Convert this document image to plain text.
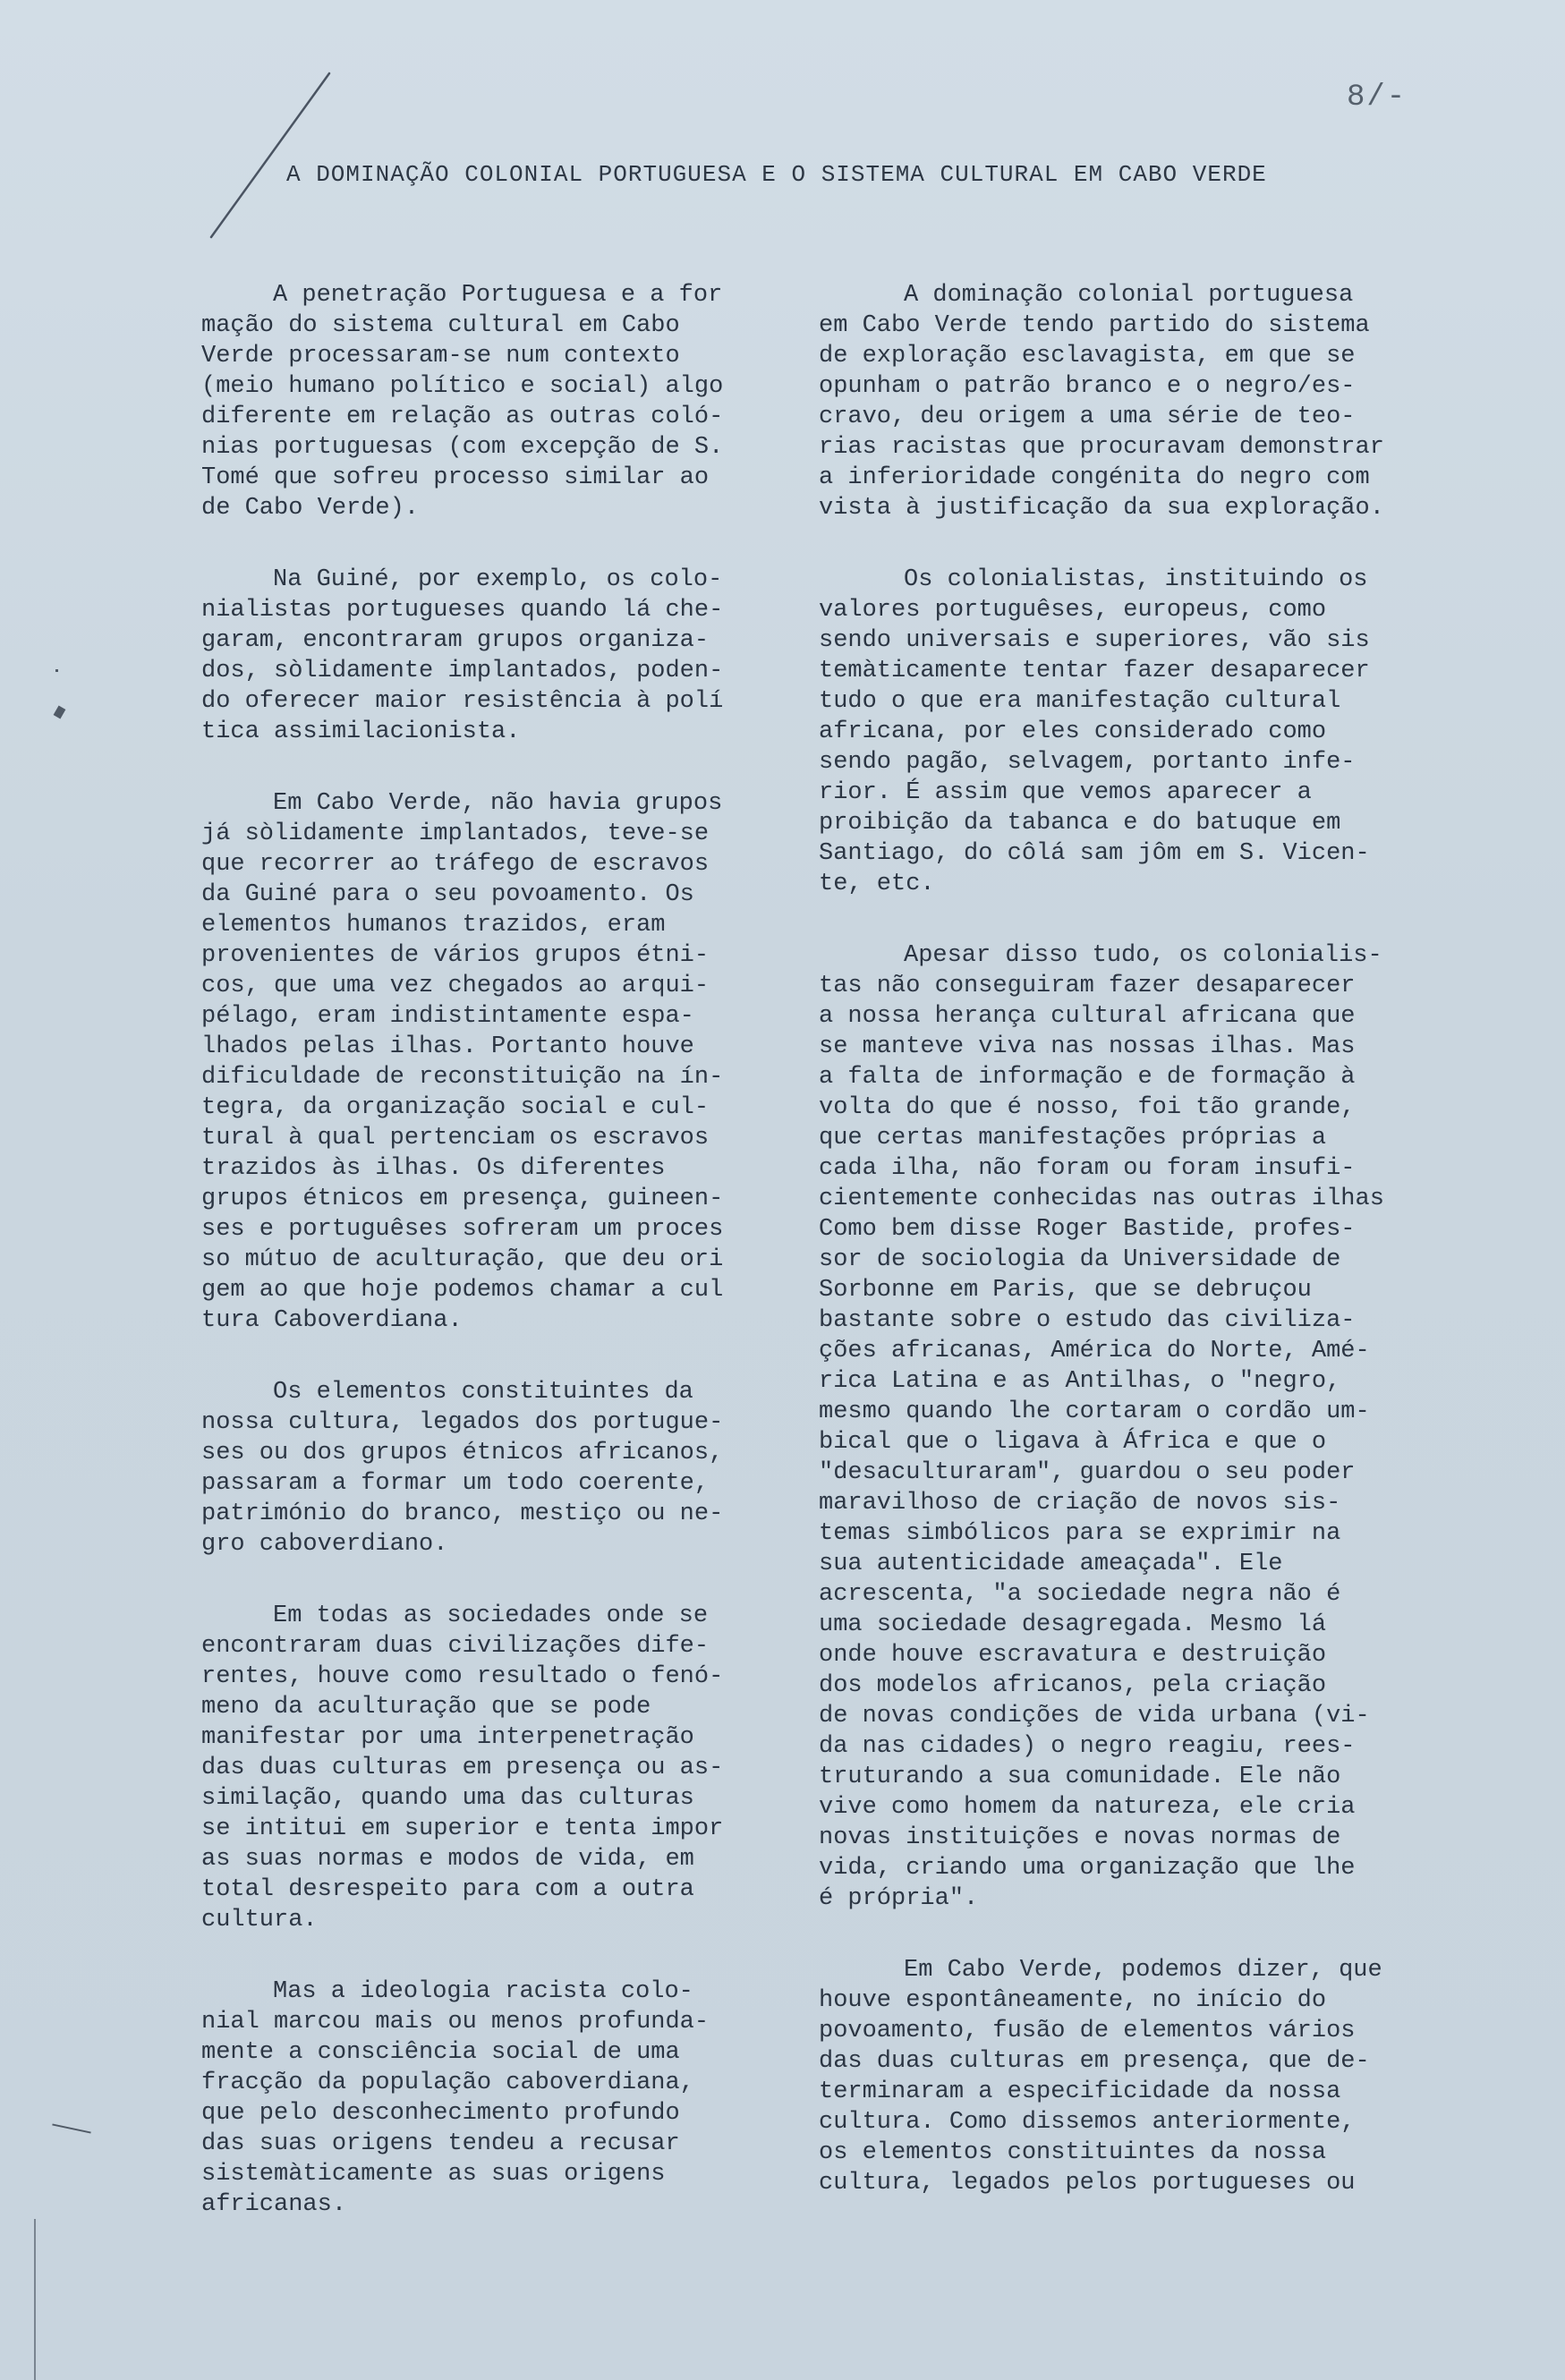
8/-
A DOMINAÇÃO COLONIAL PORTUGUESA E O SISTEMA CULTURAL EM CABO VERDE
A penetração Portuguesa e a for
mação do sistema cultural em Cabo
Verde processaram-se num contexto
(meio humano político e social) algo
diferente em relação as outras coló-
nias portuguesas (com excepção de S.
Tomé que sofreu processo similar ao
de Cabo Verde).
Na Guiné, por exemplo, os colo-
nialistas portugueses quando lá che-
garam, encontraram grupos organiza-
dos, sòlidamente implantados, poden-
do oferecer maior resistência à polí
tica assimilacionista.
Em Cabo Verde, não havia grupos
já sòlidamente implantados, teve-se
que recorrer ao tráfego de escravos
da Guiné para o seu povoamento. Os
elementos humanos trazidos, eram
provenientes de vários grupos étni-
cos, que uma vez chegados ao arqui-
pélago, eram indistintamente espa-
lhados pelas ilhas. Portanto houve
dificuldade de reconstituição na ín-
tegra, da organização social e cul-
tural à qual pertenciam os escravos
trazidos às ilhas. Os diferentes
grupos étnicos em presença, guineen-
ses e portuguêses sofreram um proces
so mútuo de aculturação, que deu ori
gem ao que hoje podemos chamar a cul
tura Caboverdiana.
Os elementos constituintes da
nossa cultura, legados dos portugue-
ses ou dos grupos étnicos africanos,
passaram a formar um todo coerente,
património do branco, mestiço ou ne-
gro caboverdiano.
Em todas as sociedades onde se
encontraram duas civilizações dife-
rentes, houve como resultado o fenó-
meno da aculturação que se pode
manifestar por uma interpenetração
das duas culturas em presença ou as-
similação, quando uma das culturas
se intitui em superior e tenta impor
as suas normas e modos de vida, em
total desrespeito para com a outra
cultura.
Mas a ideologia racista colo-
nial marcou mais ou menos profunda-
mente a consciência social de uma
fracção da população caboverdiana,
que pelo desconhecimento profundo
das suas origens tendeu a recusar
sistemàticamente as suas origens
africanas.
A dominação colonial portuguesa
em Cabo Verde tendo partido do sistema
de exploração esclavagista, em que se
opunham o patrão branco e o negro/es-
cravo, deu origem a uma série de teo-
rias racistas que procuravam demonstrar
a inferioridade congénita do negro com
vista à justificação da sua exploração.
Os colonialistas, instituindo os
valores portuguêses, europeus, como
sendo universais e superiores, vão sis
temàticamente tentar fazer desaparecer
tudo o que era manifestação cultural
africana, por eles considerado como
sendo pagão, selvagem, portanto infe-
rior. É assim que vemos aparecer a
proibição da tabanca e do batuque em
Santiago, do côlá sam jôm em S. Vicen-
te, etc.
Apesar disso tudo, os colonialis-
tas não conseguiram fazer desaparecer
a nossa herança cultural africana que
se manteve viva nas nossas ilhas. Mas
a falta de informação e de formação à
volta do que é nosso, foi tão grande,
que certas manifestações próprias a
cada ilha, não foram ou foram insufi-
cientemente conhecidas nas outras ilhas
Como bem disse Roger Bastide, profes-
sor de sociologia da Universidade de
Sorbonne em Paris, que se debruçou
bastante sobre o estudo das civiliza-
ções africanas, América do Norte, Amé-
rica Latina e as Antilhas, o "negro,
mesmo quando lhe cortaram o cordão um-
bical que o ligava à África e que o
"desaculturaram", guardou o seu poder
maravilhoso de criação de novos sis-
temas simbólicos para se exprimir na
sua autenticidade ameaçada". Ele
acrescenta, "a sociedade negra não é
uma sociedade desagregada. Mesmo lá
onde houve escravatura e destruição
dos modelos africanos, pela criação
de novas condições de vida urbana (vi-
da nas cidades) o negro reagiu, rees-
truturando a sua comunidade. Ele não
vive como homem da natureza, ele cria
novas instituições e novas normas de
vida, criando uma organização que lhe
é própria".
Em Cabo Verde, podemos dizer, que
houve espontâneamente, no início do
povoamento, fusão de elementos vários
das duas culturas em presença, que de-
terminaram a especificidade da nossa
cultura. Como dissemos anteriormente,
os elementos constituintes da nossa
cultura, legados pelos portugueses ou
